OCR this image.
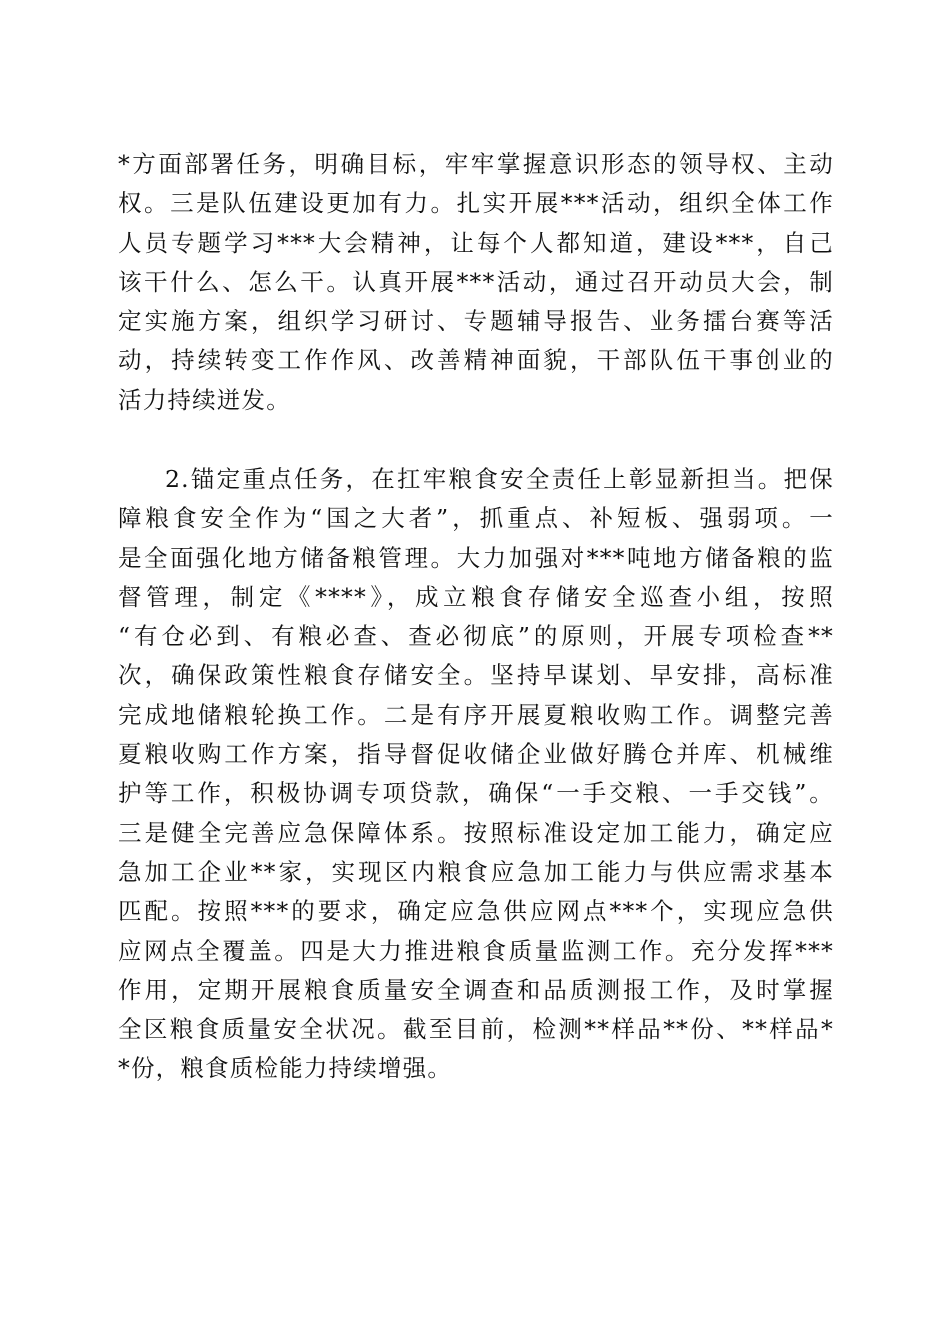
*方面部署任务，明确目标，牢牢掌握意识形态的领导权、主动
权。三是队伍建设更加有力。扎实开展***活动，组织全体工作
人员专题学习***大会精神，让每个人都知道，建设***，自己
该干什么、怎么干。认真开展***活动，通过召开动员大会，制
定实施方案，组织学习研讨、专题辅导报告、业务擂台赛等活
动，持续转变工作作风、改善精神面貌，干部队伍干事创业的
活力持续迸发。
2.锚定重点任务，在扛牢粮食安全责任上彰显新担当。把保
障粮食安全作为“国之大者”，抓重点、补短板、强弱项。一
是全面强化地方储备粮管理。大力加强对***吨地方储备粮的监
督管理，制定《****》，成立粮食存储安全巡查小组，按照
“有仓必到、有粮必查、查必彻底”的原则，开展专项检查**
次，确保政策性粮食存储安全。坚持早谋划、早安排，高标准
完成地储粮轮换工作。二是有序开展夏粮收购工作。调整完善
夏粮收购工作方案，指导督促收储企业做好腾仓并库、机械维
护等工作，积极协调专项贷款，确保“一手交粮、一手交钱”。
三是健全完善应急保障体系。按照标准设定加工能力，确定应
急加工企业**家，实现区内粮食应急加工能力与供应需求基本
匹配。按照***的要求，确定应急供应网点***个，实现应急供
应网点全覆盖。四是大力推进粮食质量监测工作。充分发挥***
作用，定期开展粮食质量安全调查和品质测报工作，及时掌握
全区粮食质量安全状况。截至目前，检测**样品**份、**样品*
*份，粮食质检能力持续增强。
